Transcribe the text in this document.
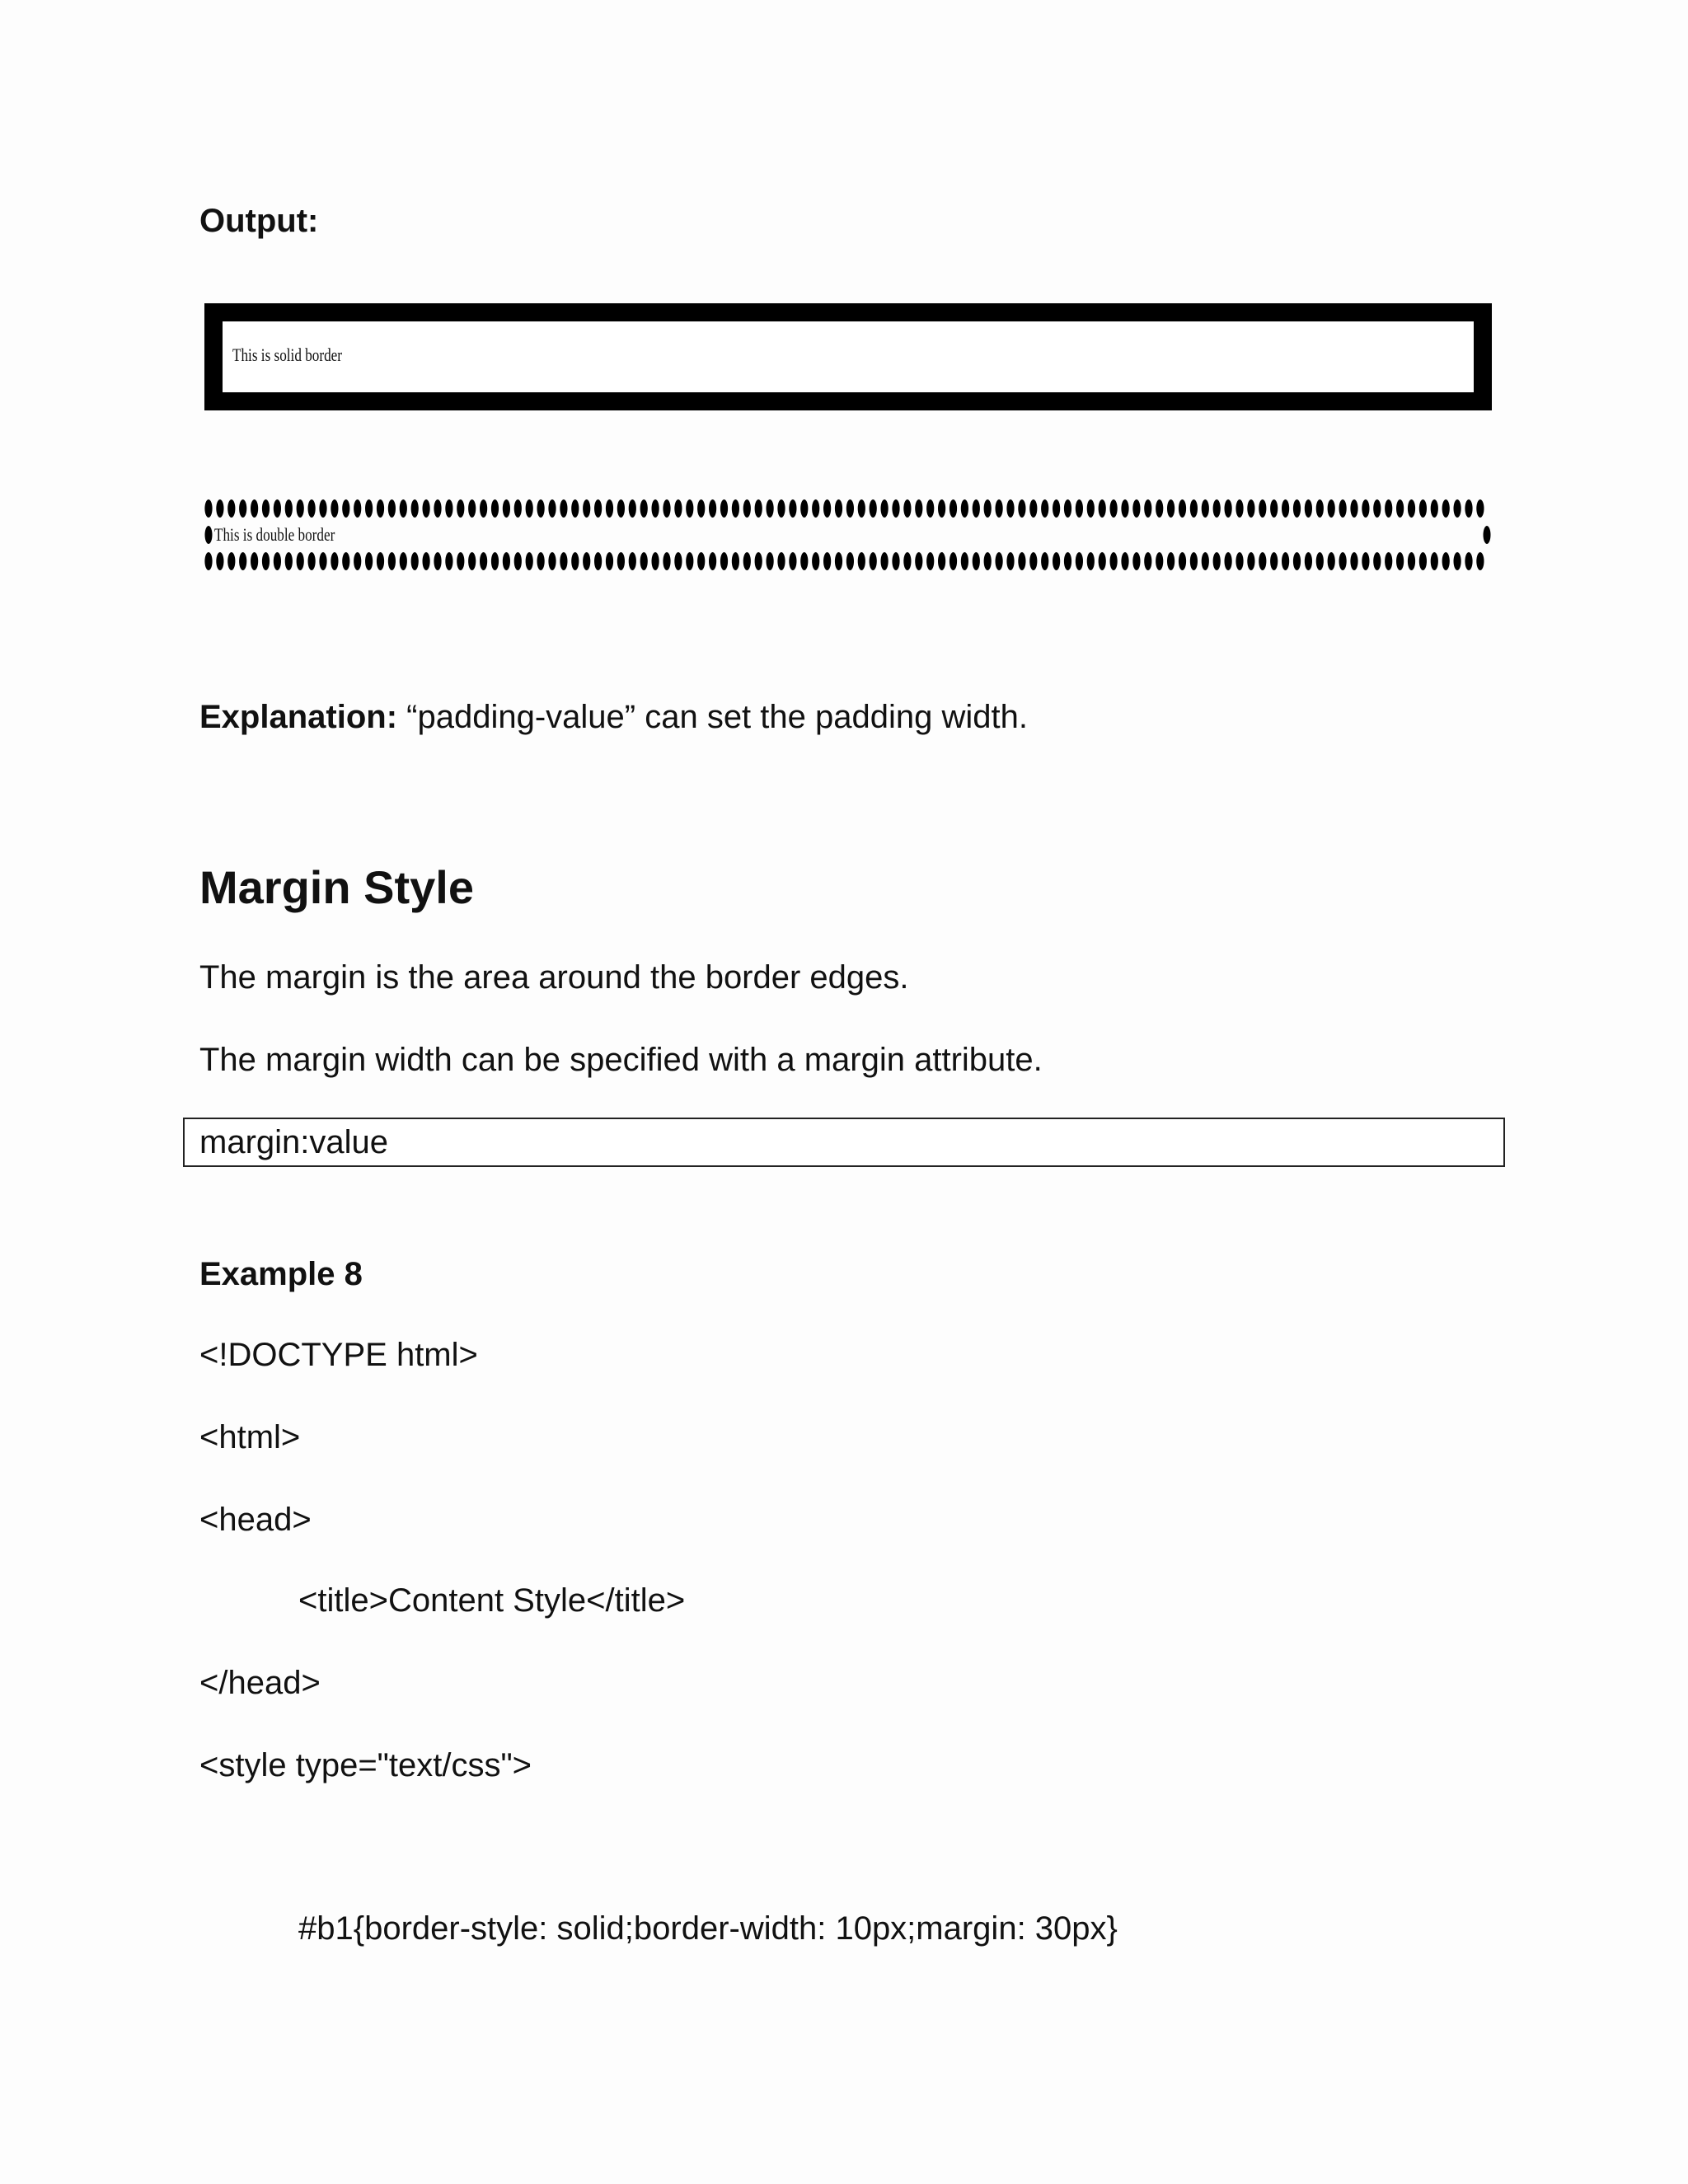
Output:
This is solid border
This is double border
Explanation: “padding-value” can set the padding width.
Margin Style
The margin is the area around the border edges.
The margin width can be specified with a margin attribute.
margin:value
Example 8
<!DOCTYPE html>
<html>
<head>
<title>Content Style</title>
</head>
<style type="text/css">
#b1{border-style: solid;border-width: 10px;margin: 30px}
